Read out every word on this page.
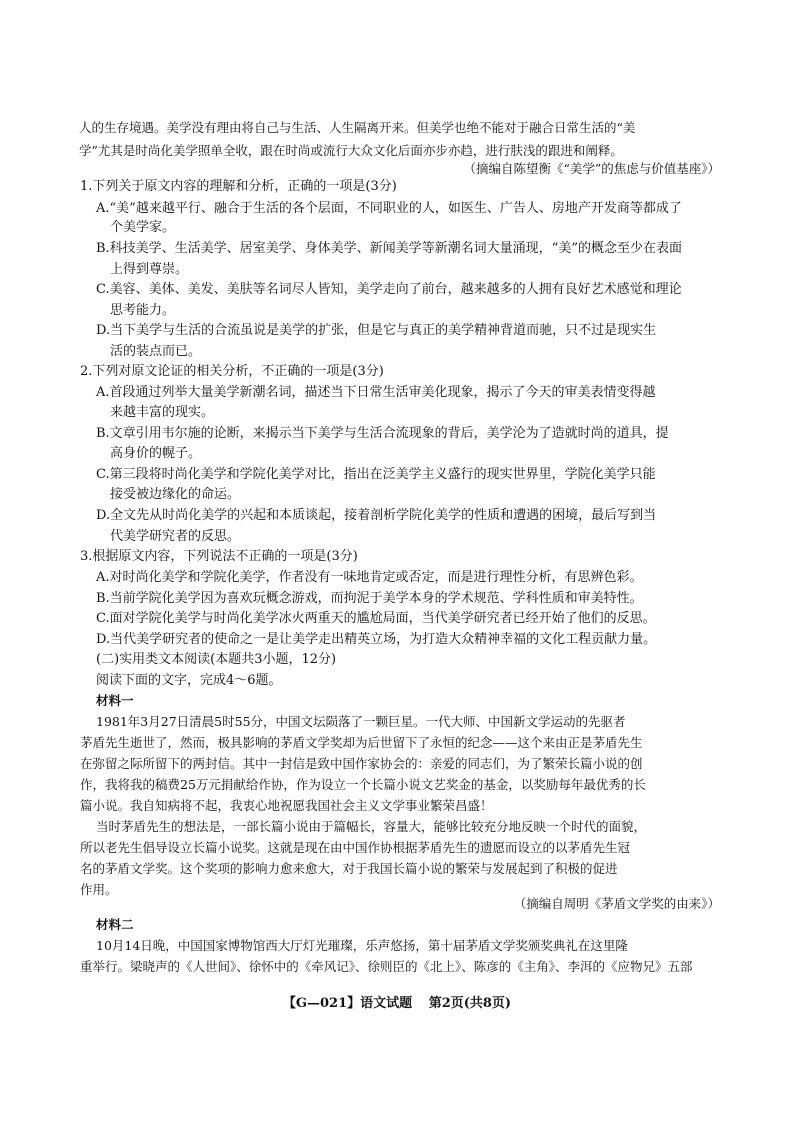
人的生存境遇。美学没有理由将自己与生活、人生隔离开来。但美学也绝不能对于融合日常生活的“美
学”尤其是时尚化美学照单全收，跟在时尚或流行大众文化后面亦步亦趋，进行肤浅的跟进和阐释。
（摘编自陈望衡《“美学”的焦虑与价值基座》）
1.下列关于原文内容的理解和分析，正确的一项是(3分)
A.“美”越来越平行、融合于生活的各个层面，不同职业的人，如医生、广告人、房地产开发商等都成了
个美学家。
B.科技美学、生活美学、居室美学、身体美学、新闻美学等新潮名词大量涌现，“美”的概念至少在表面
上得到尊崇。
C.美容、美体、美发、美肤等名词尽人皆知，美学走向了前台，越来越多的人拥有良好艺术感觉和理论
思考能力。
D.当下美学与生活的合流虽说是美学的扩张，但是它与真正的美学精神背道而驰，只不过是现实生
活的装点而已。
2.下列对原文论证的相关分析，不正确的一项是(3分)
A.首段通过列举大量美学新潮名词，描述当下日常生活审美化现象，揭示了今天的审美表情变得越
来越丰富的现实。
B.文章引用韦尔施的论断，来揭示当下美学与生活合流现象的背后，美学沦为了造就时尚的道具，提
高身价的幌子。
C.第三段将时尚化美学和学院化美学对比，指出在泛美学主义盛行的现实世界里，学院化美学只能
接受被边缘化的命运。
D.全文先从时尚化美学的兴起和本质谈起，接着剖析学院化美学的性质和遭遇的困境，最后写到当
代美学研究者的反思。
3.根据原文内容，下列说法不正确的一项是(3分)
A.对时尚化美学和学院化美学，作者没有一味地肯定或否定，而是进行理性分析，有思辨色彩。
B.当前学院化美学因为喜欢玩概念游戏，而拘泥于美学本身的学术规范、学科性质和审美特性。
C.面对学院化美学与时尚化美学冰火两重天的尴尬局面，当代美学研究者已经开始了他们的反思。
D.当代美学研究者的使命之一是让美学走出精英立场，为打造大众精神幸福的文化工程贡献力量。
(二)实用类文本阅读(本题共3小题，12分)
阅读下面的文字，完成4～6题。
材料一
1981年3月27日清晨5时55分，中国文坛陨落了一颗巨星。一代大师、中国新文学运动的先驱者
茅盾先生逝世了，然而，极具影响的茅盾文学奖却为后世留下了永恒的纪念——这个来由正是茅盾先生
在弥留之际所留下的两封信。其中一封信是致中国作家协会的：亲爱的同志们，为了繁荣长篇小说的创
作，我将我的稿费25万元捐献给作协，作为设立一个长篇小说文艺奖金的基金，以奖励每年最优秀的长
篇小说。我自知病将不起，我衷心地祝愿我国社会主义文学事业繁荣昌盛！
当时茅盾先生的想法是，一部长篇小说由于篇幅长，容量大，能够比较充分地反映一个时代的面貌，
所以老先生倡导设立长篇小说奖。这就是现在由中国作协根据茅盾先生的遗愿而设立的以茅盾先生冠
名的茅盾文学奖。这个奖项的影响力愈来愈大，对于我国长篇小说的繁荣与发展起到了积极的促进
作用。
（摘编自周明《茅盾文学奖的由来》）
材料二
10月14日晚，中国国家博物馆西大厅灯光璀璨，乐声悠扬，第十届茅盾文学奖颁奖典礼在这里隆
重举行。梁晓声的《人世间》、徐怀中的《牵风记》、徐则臣的《北上》、陈彦的《主角》、李洱的《应物兄》五部
【G—021】语文试题 第2页(共8页)
